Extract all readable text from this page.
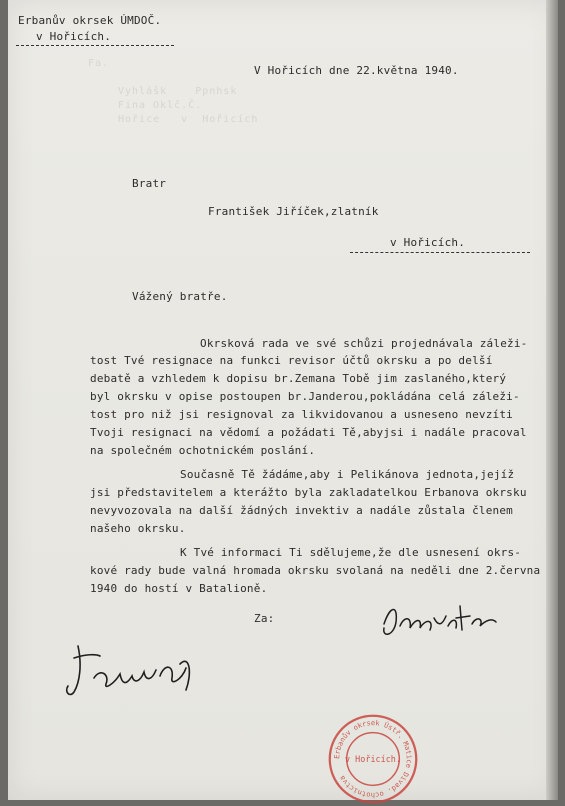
Fa.
Vyhlášk    Ppnhsk
Fina Oklč.Č.
Hořice   v  Hořicích
Erbanův okrsek ÚMDOČ.
v Hořicích.
V Hořicích dne 22.května 1940.
Bratr
František Jiříček,zlatník
v Hořicích.
Vážený bratře.
Okrsková rada ve své schůzi projednávala záleži-
tost Tvé resignace na funkci revisor účtů okrsku a po delší
debatě a vzhledem k dopisu br.Zemana Tobě jim zaslaného,který
byl okrsku v opise postoupen br.Janderou,pokládána celá záleži-
tost pro niž jsi resignoval za likvidovanou a usneseno nevzíti
Tvoji resignaci na vědomí a požádati Tě,abyjsi i nadále pracoval
na společném ochotnickém poslání.
Současně Tě žádáme,aby i Pelikánova jednota,jejíž
jsi představitelem a kterážto byla zakladatelkou Erbanova okrsku
nevyvozovala na další žádných invektiv a nadále zůstala členem
našeho okrsku.
K Tvé informaci Ti sdělujeme,že dle usnesení okrs-
kové rady bude valná hromada okrsku svolaná na neděli dne 2.června
1940 do hostí v Batalioně.
Za:
Erbanův okrsek Ústř. Matice Divad. ochotnictva
v Hořicích.
